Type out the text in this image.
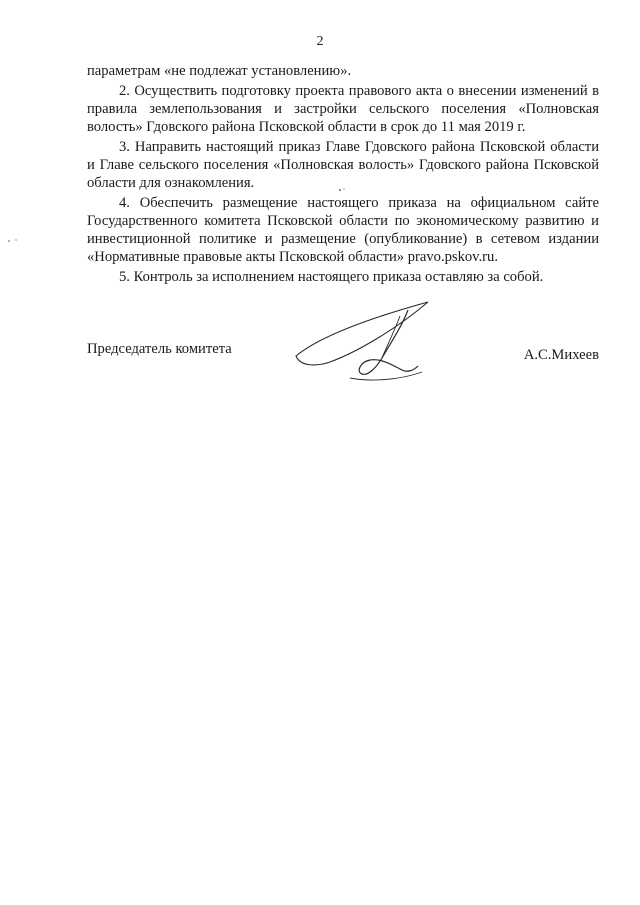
2

параметрам «не подлежат установлению».

2. Осуществить подготовку проекта правового акта о внесении изменений в правила землепользования и застройки сельского поселения «Полновская волость» Гдовского района Псковской области в срок до 11 мая 2019 г.

3. Направить настоящий приказ Главе Гдовского района Псковской области и Главе сельского поселения «Полновская волость» Гдовского района Псковской области для ознакомления.

4. Обеспечить размещение настоящего приказа на официальном сайте Государственного комитета Псковской области по экономическому развитию и инвестиционной политике и размещение (опубликование) в сетевом издании «Нормативные правовые акты Псковской области» pravo.pskov.ru.

5. Контроль за исполнением настоящего приказа оставляю за собой.

Председатель комитета	А.С.Михеев
